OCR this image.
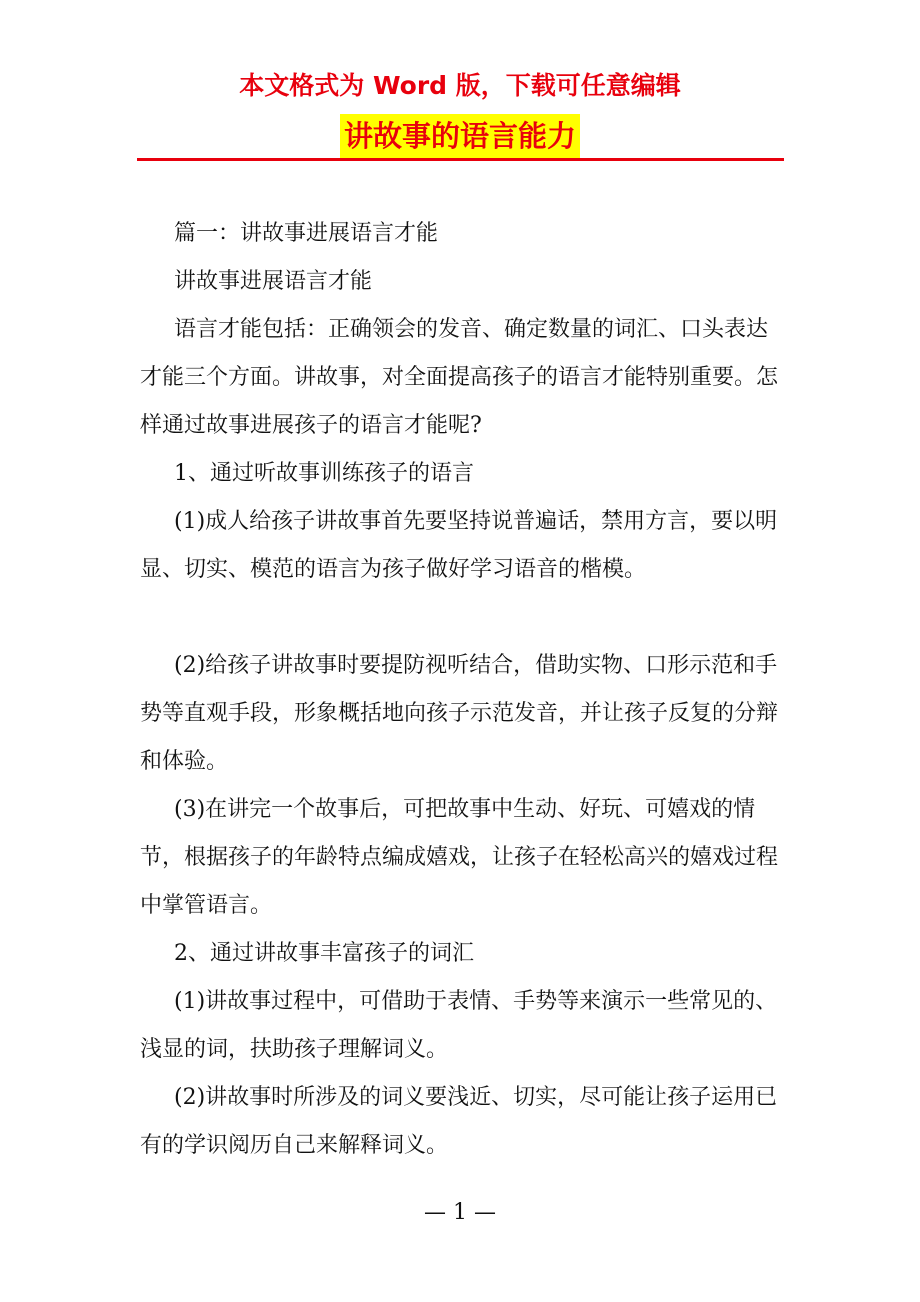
本文格式为 Word 版，下载可任意编辑
讲故事的语言能力

篇一：讲故事进展语言才能

讲故事进展语言才能

语言才能包括：正确领会的发音、确定数量的词汇、口头表达才能三个方面。讲故事，对全面提高孩子的语言才能特别重要。怎样通过故事进展孩子的语言才能呢?

1、通过听故事训练孩子的语言

(1)成人给孩子讲故事首先要坚持说普遍话，禁用方言，要以明显、切实、模范的语言为孩子做好学习语音的楷模。

(2)给孩子讲故事时要提防视听结合，借助实物、口形示范和手势等直观手段，形象概括地向孩子示范发音，并让孩子反复的分辩和体验。

(3)在讲完一个故事后，可把故事中生动、好玩、可嬉戏的情节，根据孩子的年龄特点编成嬉戏，让孩子在轻松高兴的嬉戏过程中掌管语言。

2、通过讲故事丰富孩子的词汇

(1)讲故事过程中，可借助于表情、手势等来演示一些常见的、浅显的词，扶助孩子理解词义。

(2)讲故事时所涉及的词义要浅近、切实，尽可能让孩子运用已有的学识阅历自己来解释词义。

— 1 —
